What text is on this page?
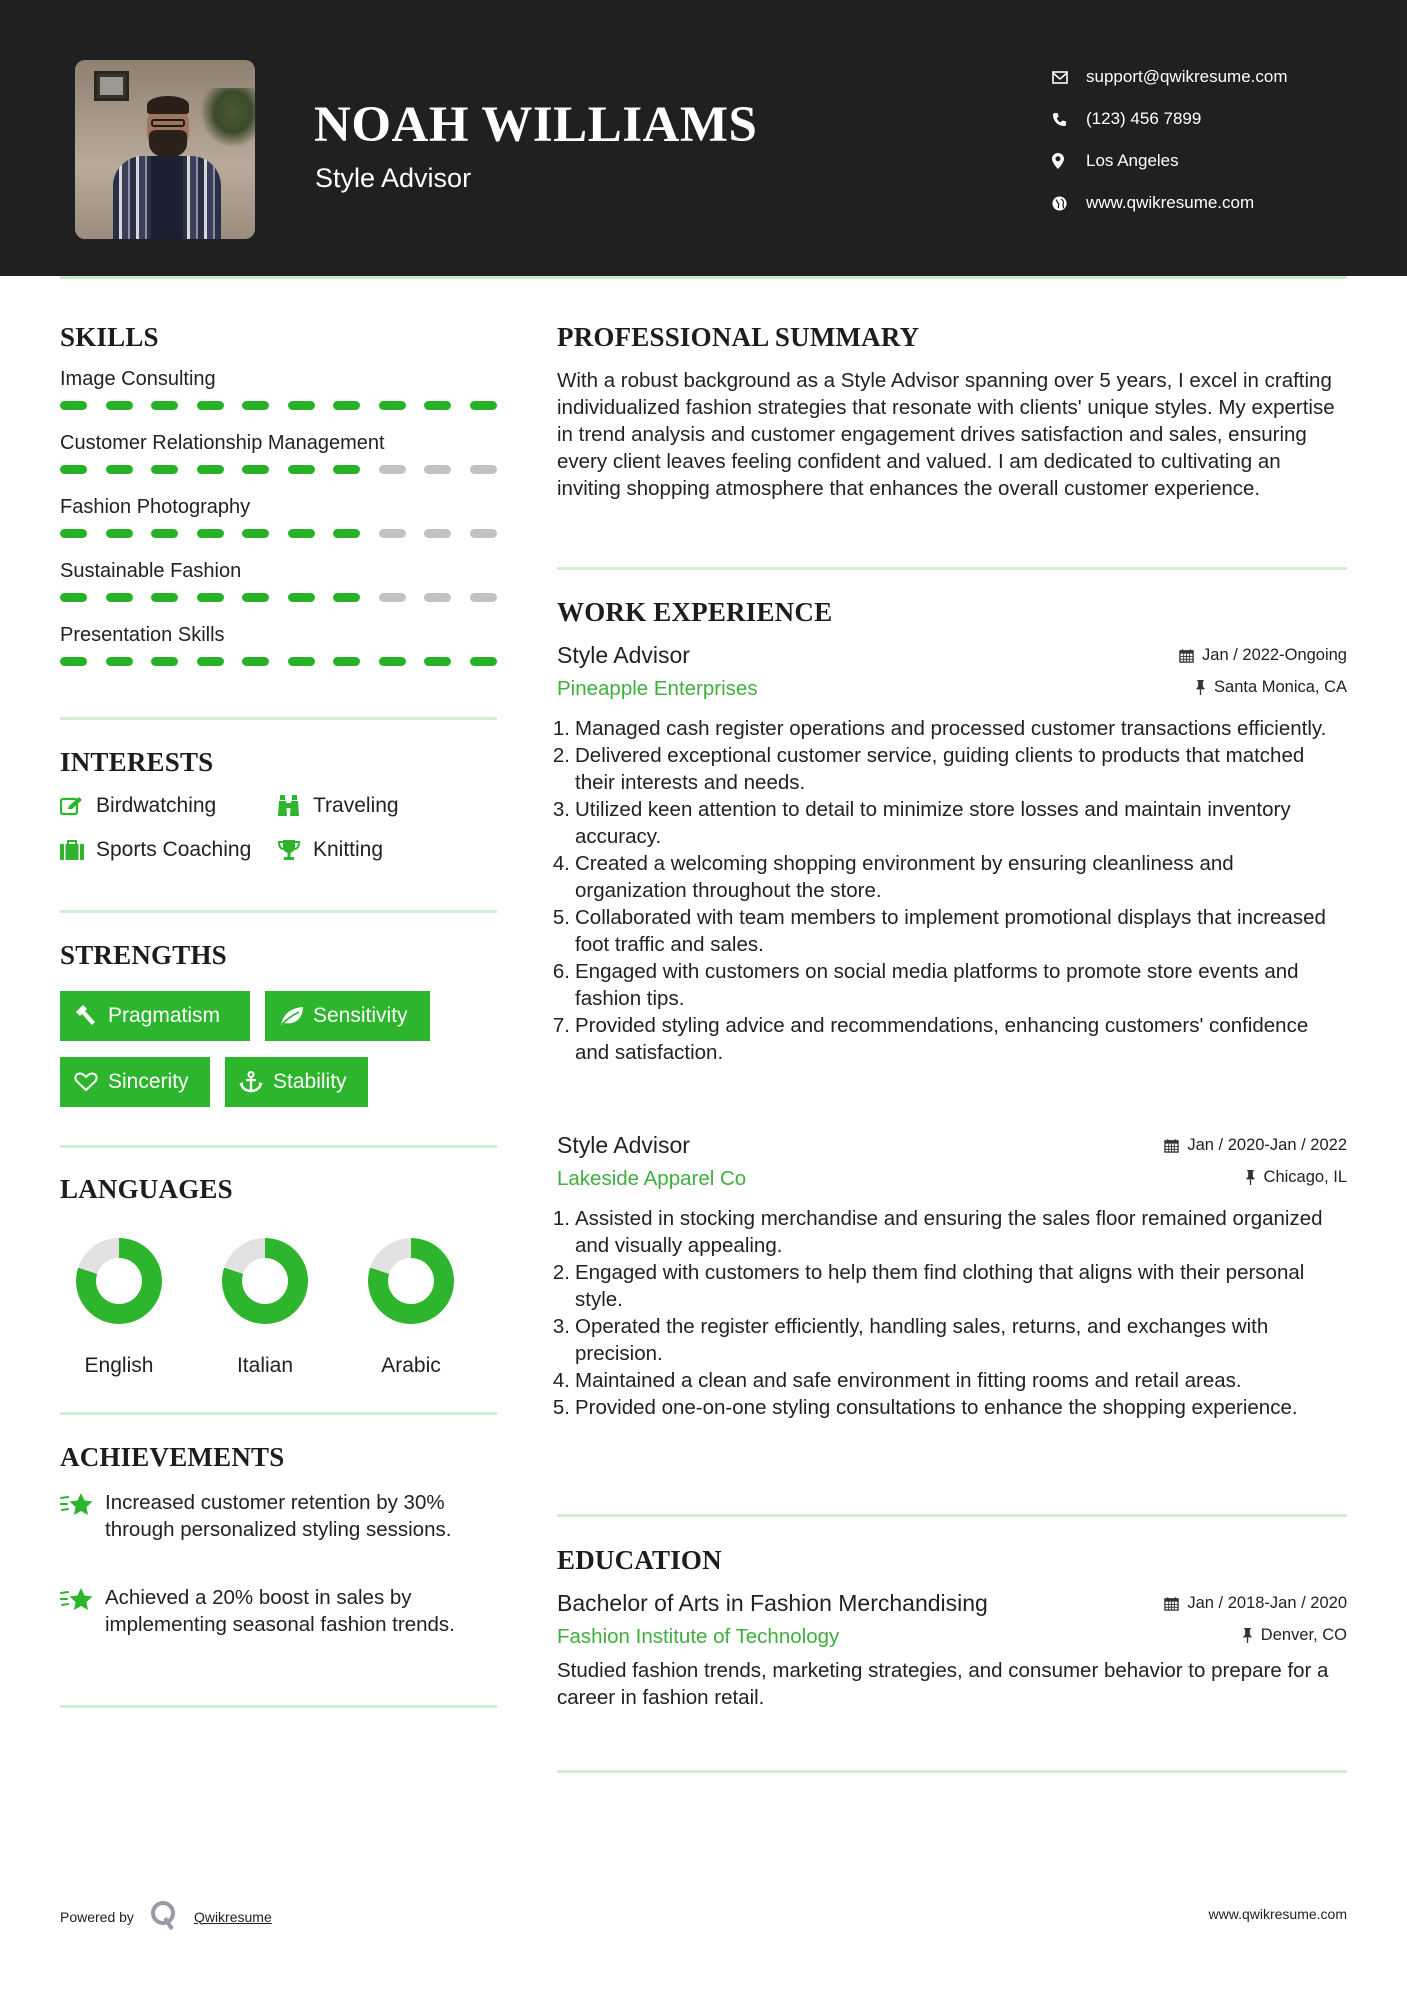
NOAH WILLIAMS
Style Advisor
support@qwikresume.com
(123) 456 7899
Los Angeles
www.qwikresume.com
SKILLS
Image Consulting
Customer Relationship Management
Fashion Photography
Sustainable Fashion
Presentation Skills
INTERESTS
Birdwatching	Traveling
Sports Coaching	Knitting
STRENGTHS
Pragmatism	Sensitivity
Sincerity	Stability
LANGUAGES
English	Italian	Arabic
ACHIEVEMENTS
Increased customer retention by 30% through personalized styling sessions.
Achieved a 20% boost in sales by implementing seasonal fashion trends.
PROFESSIONAL SUMMARY
With a robust background as a Style Advisor spanning over 5 years, I excel in crafting individualized fashion strategies that resonate with clients' unique styles. My expertise in trend analysis and customer engagement drives satisfaction and sales, ensuring every client leaves feeling confident and valued. I am dedicated to cultivating an inviting shopping atmosphere that enhances the overall customer experience.
WORK EXPERIENCE
Style Advisor	Jan / 2022-Ongoing
Pineapple Enterprises	Santa Monica, CA
1. Managed cash register operations and processed customer transactions efficiently.
2. Delivered exceptional customer service, guiding clients to products that matched their interests and needs.
3. Utilized keen attention to detail to minimize store losses and maintain inventory accuracy.
4. Created a welcoming shopping environment by ensuring cleanliness and organization throughout the store.
5. Collaborated with team members to implement promotional displays that increased foot traffic and sales.
6. Engaged with customers on social media platforms to promote store events and fashion tips.
7. Provided styling advice and recommendations, enhancing customers' confidence and satisfaction.
Style Advisor	Jan / 2020-Jan / 2022
Lakeside Apparel Co	Chicago, IL
1. Assisted in stocking merchandise and ensuring the sales floor remained organized and visually appealing.
2. Engaged with customers to help them find clothing that aligns with their personal style.
3. Operated the register efficiently, handling sales, returns, and exchanges with precision.
4. Maintained a clean and safe environment in fitting rooms and retail areas.
5. Provided one-on-one styling consultations to enhance the shopping experience.
EDUCATION
Bachelor of Arts in Fashion Merchandising	Jan / 2018-Jan / 2020
Fashion Institute of Technology	Denver, CO
Studied fashion trends, marketing strategies, and consumer behavior to prepare for a career in fashion retail.
Powered by	Qwikresume	www.qwikresume.com
